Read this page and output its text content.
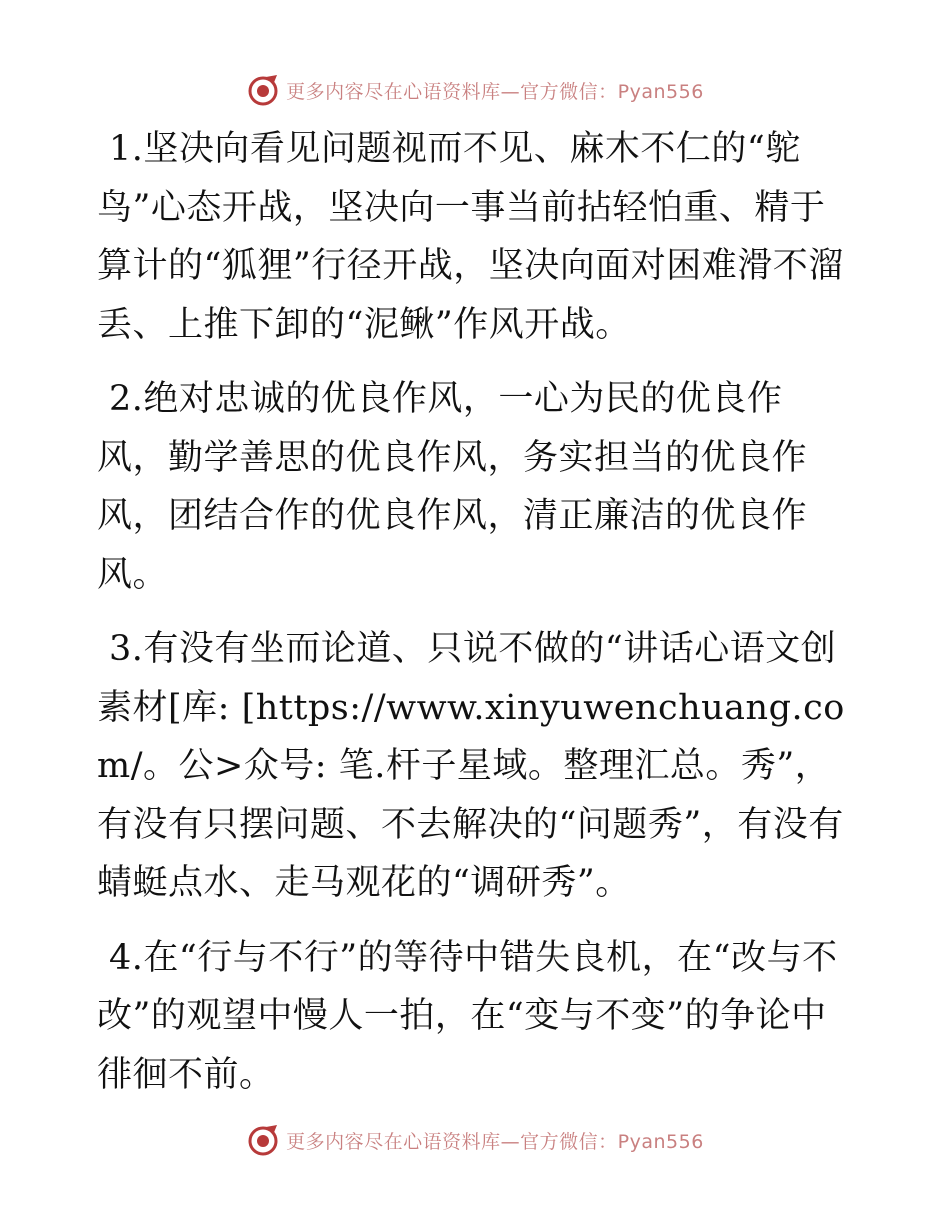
更多内容尽在心语资料库—官方微信：Pyan556

1.坚决向看见问题视而不见、麻木不仁的“鸵鸟”心态开战，坚决向一事当前拈轻怕重、精于算计的“狐狸”行径开战，坚决向面对困难滑不溜丢、上推下卸的“泥鳅”作风开战。

2.绝对忠诚的优良作风，一心为民的优良作风，勤学善思的优良作风，务实担当的优良作风，团结合作的优良作风，清正廉洁的优良作风。

3.有没有坐而论道、只说不做的“讲话心语文创素材[库: [https://www.xinyuwenchuang.com/。公>众号: 笔.杆子星域。整理汇总。秀”，有没有只摆问题、不去解决的“问题秀”，有没有蜻蜓点水、走马观花的“调研秀”。

4.在“行与不行”的等待中错失良机，在“改与不改”的观望中慢人一拍，在“变与不变”的争论中徘徊不前。

更多内容尽在心语资料库—官方微信：Pyan556
